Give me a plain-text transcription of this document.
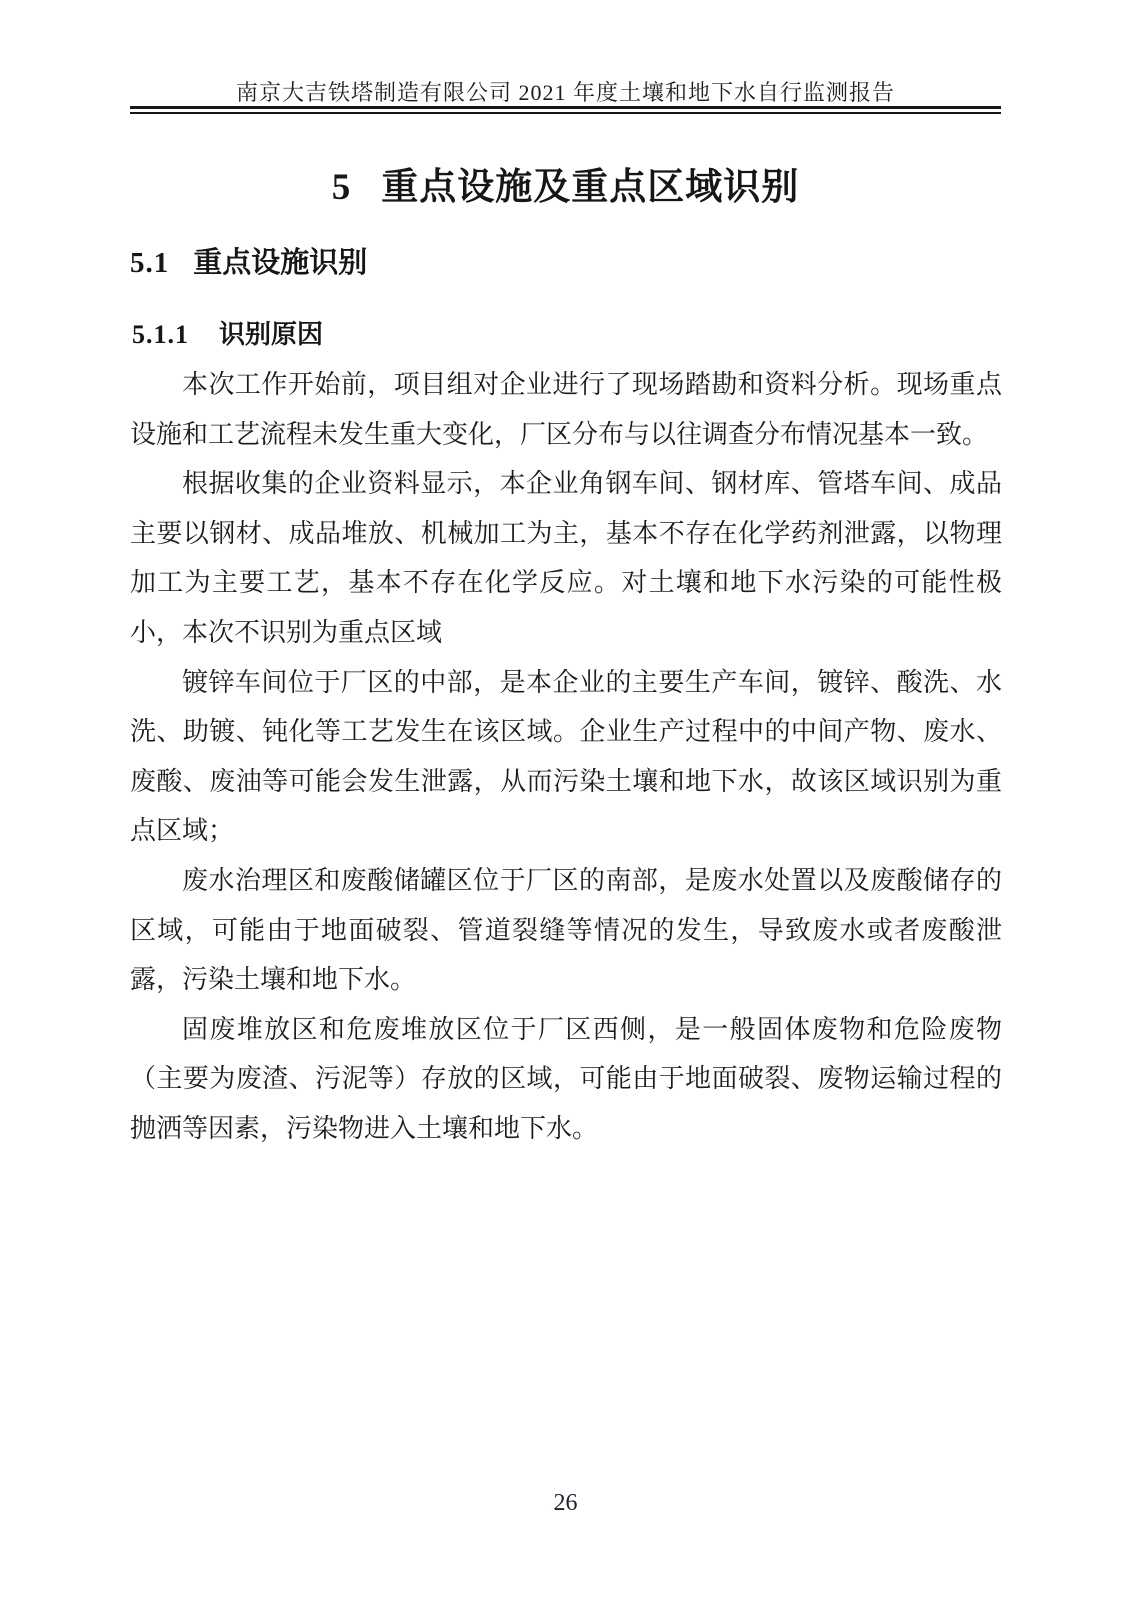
南京大吉铁塔制造有限公司 2021 年度土壤和地下水自行监测报告
5 重点设施及重点区域识别
5.1 重点设施识别
5.1.1 识别原因

本次工作开始前，项目组对企业进行了现场踏勘和资料分析。现场重点设施和工艺流程未发生重大变化，厂区分布与以往调查分布情况基本一致。

根据收集的企业资料显示，本企业角钢车间、钢材库、管塔车间、成品主要以钢材、成品堆放、机械加工为主，基本不存在化学药剂泄露，以物理加工为主要工艺，基本不存在化学反应。对土壤和地下水污染的可能性极小，本次不识别为重点区域

镀锌车间位于厂区的中部，是本企业的主要生产车间，镀锌、酸洗、水洗、助镀、钝化等工艺发生在该区域。企业生产过程中的中间产物、废水、废酸、废油等可能会发生泄露，从而污染土壤和地下水，故该区域识别为重点区域；

废水治理区和废酸储罐区位于厂区的南部，是废水处置以及废酸储存的区域，可能由于地面破裂、管道裂缝等情况的发生，导致废水或者废酸泄露，污染土壤和地下水。

固废堆放区和危废堆放区位于厂区西侧，是一般固体废物和危险废物（主要为废渣、污泥等）存放的区域，可能由于地面破裂、废物运输过程的抛洒等因素，污染物进入土壤和地下水。

26
